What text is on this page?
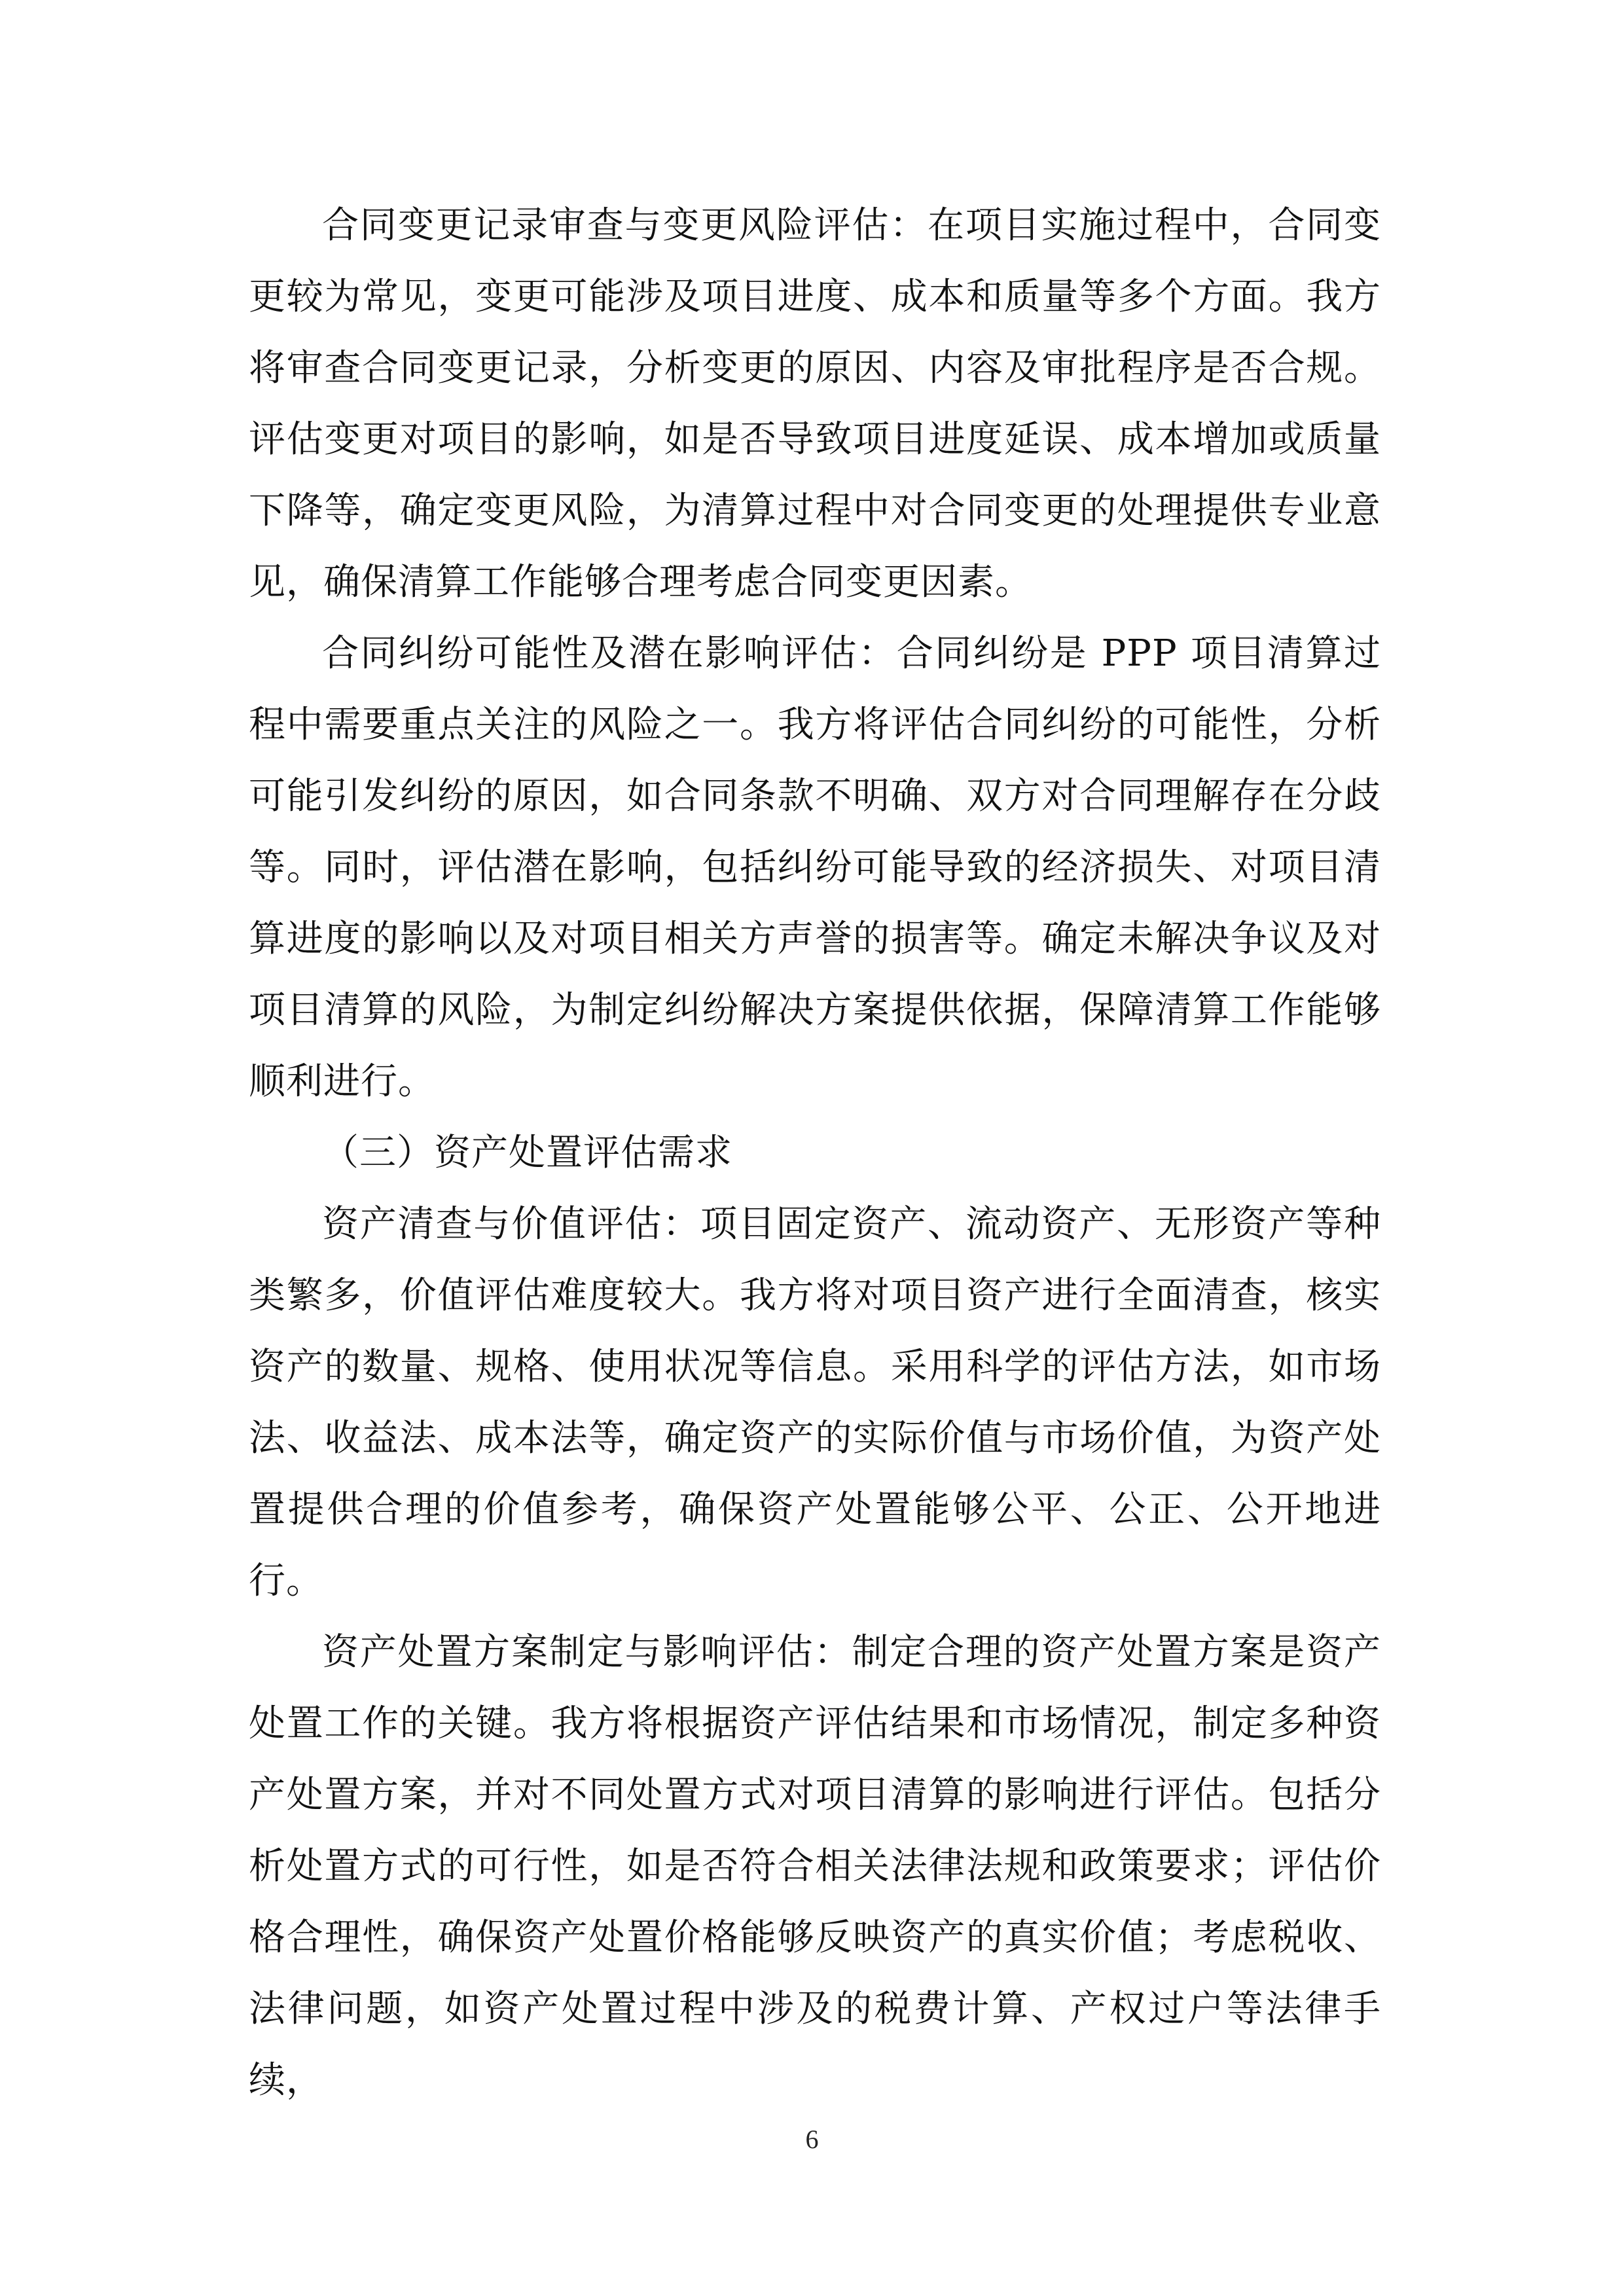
合同变更记录审查与变更风险评估：在项目实施过程中，合同变更较为常见，变更可能涉及项目进度、成本和质量等多个方面。我方将审查合同变更记录，分析变更的原因、内容及审批程序是否合规。评估变更对项目的影响，如是否导致项目进度延误、成本增加或质量下降等，确定变更风险，为清算过程中对合同变更的处理提供专业意见，确保清算工作能够合理考虑合同变更因素。

合同纠纷可能性及潜在影响评估：合同纠纷是 PPP 项目清算过程中需要重点关注的风险之一。我方将评估合同纠纷的可能性，分析可能引发纠纷的原因，如合同条款不明确、双方对合同理解存在分歧等。同时，评估潜在影响，包括纠纷可能导致的经济损失、对项目清算进度的影响以及对项目相关方声誉的损害等。确定未解决争议及对项目清算的风险，为制定纠纷解决方案提供依据，保障清算工作能够顺利进行。

（三）资产处置评估需求

资产清查与价值评估：项目固定资产、流动资产、无形资产等种类繁多，价值评估难度较大。我方将对项目资产进行全面清查，核实资产的数量、规格、使用状况等信息。采用科学的评估方法，如市场法、收益法、成本法等，确定资产的实际价值与市场价值，为资产处置提供合理的价值参考，确保资产处置能够公平、公正、公开地进行。

资产处置方案制定与影响评估：制定合理的资产处置方案是资产处置工作的关键。我方将根据资产评估结果和市场情况，制定多种资产处置方案，并对不同处置方式对项目清算的影响进行评估。包括分析处置方式的可行性，如是否符合相关法律法规和政策要求；评估价格合理性，确保资产处置价格能够反映资产的真实价值；考虑税收、法律问题，如资产处置过程中涉及的税费计算、产权过户等法律手续，

6
